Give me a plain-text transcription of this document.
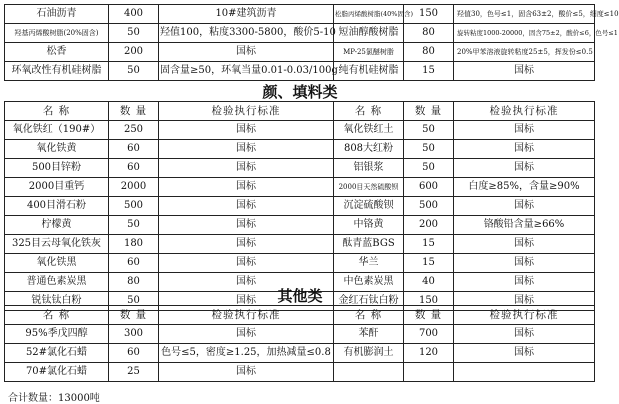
石油沥青	400	10#建筑沥青	松脂丙烯酸树脂(40%固含)	150	羟值30，色号≤1，固含63±2，酸价≤5，细度≤10
羟基丙烯酸树脂(20%固含)	50	羟值100，粘度3300-5800，酸价5-10	短油醇酸树脂	80	旋转粘度1000-20000，固含75±2，酸价≤6，色号≤1
松香	200	国标	MP-25氯醚树脂	80	20%甲苯溶液旋转粘度25±5，挥发份≤0.5
环氧改性有机硅树脂	50	固含量≥50，环氧当量0.01-0.03/100g	纯有机硅树脂	15	国标
颜、填料类
名 称	数 量	检验执行标准	名 称	数 量	检验执行标准
氧化铁红（190#）	250	国标	氧化铁红土	50	国标
氧化铁黄	60	国标	808大红粉	50	国标
500目锌粉	60	国标	铝银浆	50	国标
2000目重钙	2000	国标	2000目天然硫酸钡	600	白度≥85%，含量≥90%
400目滑石粉	500	国标	沉淀硫酸钡	500	国标
柠檬黄	50	国标	中铬黄	200	铬酸铅含量≥66%
325目云母氧化铁灰	180	国标	酞青蓝BGS	15	国标
氧化铁黑	60	国标	华兰	15	国标
普通色素炭黑	80	国标	中色素炭黑	40	国标
锐钛钛白粉	50	国标	金红石钛白粉	150	国标
其他类
名 称	数 量	检验执行标准	名 称	数 量	检验执行标准
95%季戊四醇	300	国标	苯酐	700	国标
52#氯化石蜡	60	色号≤5，密度≥1.25，加热减量≤0.8	有机膨润土	120	国标
70#氯化石蜡	25	国标			
合计数量：13000吨
